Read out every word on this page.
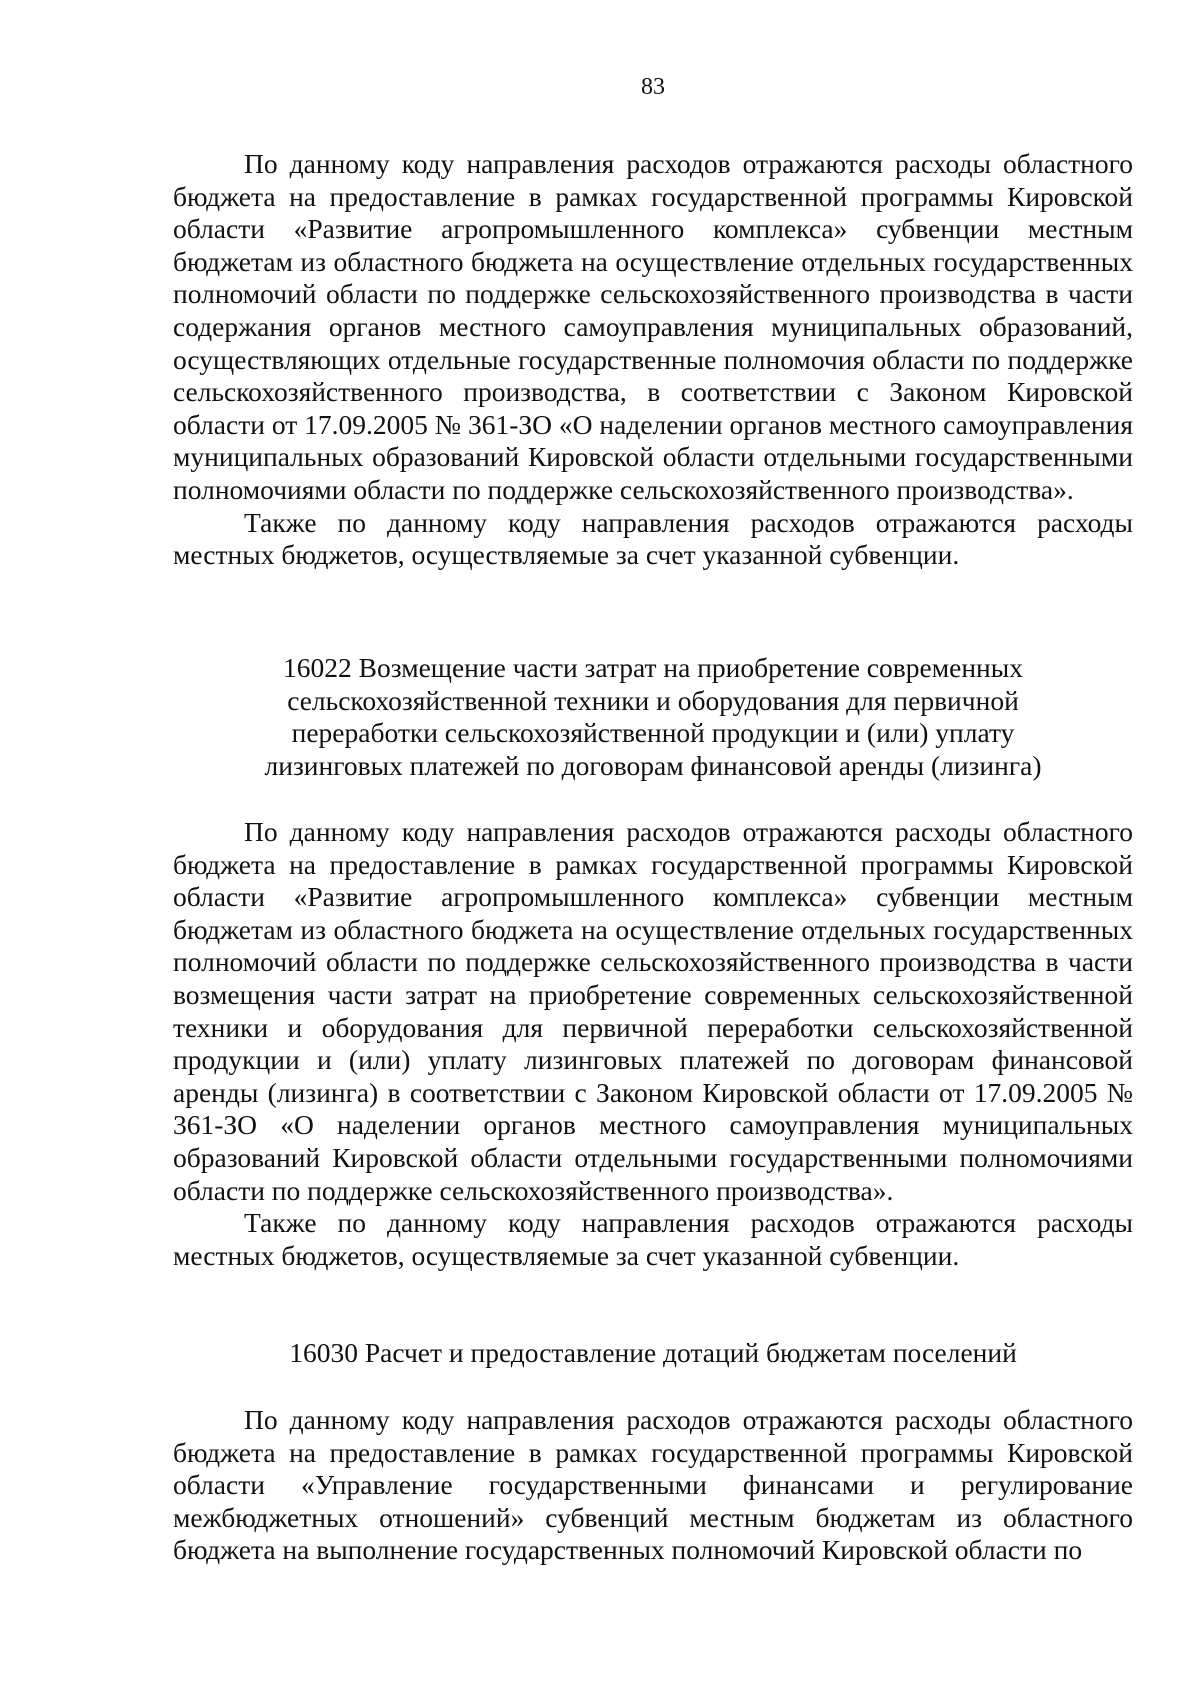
83

По данному коду направления расходов отражаются расходы областного бюджета на предоставление в рамках государственной программы Кировской области «Развитие агропромышленного комплекса» субвенции местным бюджетам из областного бюджета на осуществление отдельных государственных полномочий области по поддержке сельскохозяйственного производства в части содержания органов местного самоуправления муниципальных образований, осуществляющих отдельные государственные полномочия области по поддержке сельскохозяйственного производства, в соответствии с Законом Кировской области от 17.09.2005 № 361-ЗО «О наделении органов местного самоуправления муниципальных образований Кировской области отдельными государственными полномочиями области по поддержке сельскохозяйственного производства».

Также по данному коду направления расходов отражаются расходы местных бюджетов, осуществляемые за счет указанной субвенции.

16022 Возмещение части затрат на приобретение современных сельскохозяйственной техники и оборудования для первичной переработки сельскохозяйственной продукции и (или) уплату лизинговых платежей по договорам финансовой аренды (лизинга)

По данному коду направления расходов отражаются расходы областного бюджета на предоставление в рамках государственной программы Кировской области «Развитие агропромышленного комплекса» субвенции местным бюджетам из областного бюджета на осуществление отдельных государственных полномочий области по поддержке сельскохозяйственного производства в части возмещения части затрат на приобретение современных сельскохозяйственной техники и оборудования для первичной переработки сельскохозяйственной продукции и (или) уплату лизинговых платежей по договорам финансовой аренды (лизинга) в соответствии с Законом Кировской области от 17.09.2005 № 361-ЗО «О наделении органов местного самоуправления муниципальных образований Кировской области отдельными государственными полномочиями области по поддержке сельскохозяйственного производства».

Также по данному коду направления расходов отражаются расходы местных бюджетов, осуществляемые за счет указанной субвенции.

16030 Расчет и предоставление дотаций бюджетам поселений

По данному коду направления расходов отражаются расходы областного бюджета на предоставление в рамках государственной программы Кировской области «Управление государственными финансами и регулирование межбюджетных отношений» субвенций местным бюджетам из областного бюджета на выполнение государственных полномочий Кировской области по
